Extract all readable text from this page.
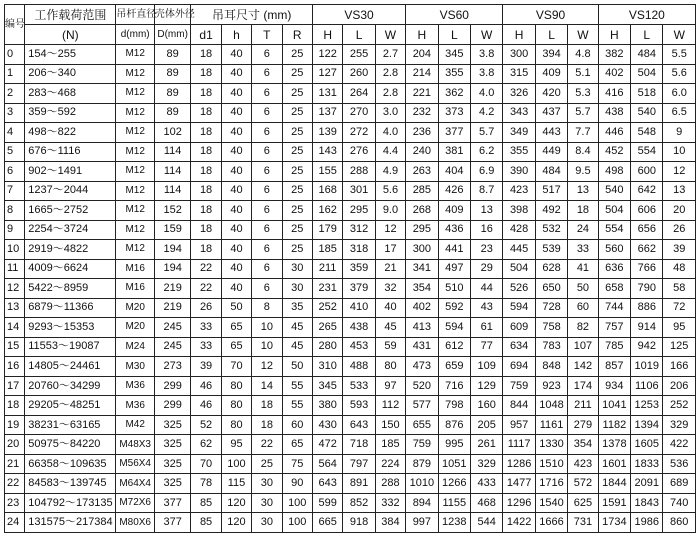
编号	工作载荷范围	吊杆直径	壳体外径	吊耳尺寸 (mm)				VS30			VS60			VS90			VS120		
	(N)	d(mm)	D(mm)	d1	h	T	R	H	L	W	H	L	W	H	L	W	H	L	W
0	154～255	M12	89	18	40	6	25	122	255	2.7	204	345	3.8	300	394	4.8	382	484	5.5
1	206～340	M12	89	18	40	6	25	127	260	2.8	214	355	3.8	315	409	5.1	402	504	5.6
2	283～468	M12	89	18	40	6	25	131	264	2.8	221	362	4.0	326	420	5.3	416	518	6.0
3	359～592	M12	89	18	40	6	25	137	270	3.0	232	373	4.2	343	437	5.7	438	540	6.5
4	498～822	M12	102	18	40	6	25	139	272	4.0	236	377	5.7	349	443	7.7	446	548	9
5	676～1116	M12	114	18	40	6	25	143	276	4.4	240	381	6.2	355	449	8.4	452	554	10
6	902～1491	M12	114	18	40	6	25	155	288	4.9	263	404	6.9	390	484	9.5	498	600	12
7	1237～2044	M12	114	18	40	6	25	168	301	5.6	285	426	8.7	423	517	13	540	642	13
8	1665～2752	M12	152	18	40	6	25	162	295	9.0	268	409	13	398	492	18	504	606	20
9	2254～3724	M12	159	18	40	6	25	179	312	12	295	436	16	428	532	24	554	656	26
10	2919～4822	M12	194	18	40	6	25	185	318	17	300	441	23	445	539	33	560	662	39
11	4009～6624	M16	194	22	40	6	30	211	359	21	341	497	29	504	628	41	636	766	48
12	5422～8959	M16	219	22	40	6	30	231	379	32	354	510	44	526	650	50	658	790	58
13	6879～11366	M20	219	26	50	8	35	252	410	40	402	592	43	594	728	60	744	886	72
14	9293～15353	M20	245	33	65	10	45	265	438	45	413	594	61	609	758	82	757	914	95
15	11553～19087	M24	245	33	65	10	45	280	453	59	431	612	77	634	783	107	785	942	125
16	14805～24461	M30	273	39	70	12	50	310	488	80	473	659	109	694	848	142	857	1019	166
17	20760～34299	M36	299	46	80	14	55	345	533	97	520	716	129	759	923	174	934	1106	206
18	29205～48251	M36	299	46	80	18	55	380	593	112	577	798	160	844	1048	211	1041	1253	252
19	38231～63165	M42	325	52	80	18	60	430	643	150	655	876	205	957	1161	279	1182	1394	329
20	50975～84220	M48X3	325	62	95	22	65	472	718	185	759	995	261	1117	1330	354	1378	1605	422
21	66358～109635	M56X4	325	70	100	25	75	564	797	224	879	1051	329	1286	1510	423	1601	1833	536
22	84583～139745	M64X4	325	78	115	30	90	643	891	288	1010	1266	433	1477	1716	572	1844	2091	689
23	104792～173135	M72X6	377	85	120	30	100	599	852	332	894	1155	468	1296	1540	625	1591	1843	740
24	131575～217384	M80X6	377	85	120	30	100	665	918	384	997	1238	544	1422	1666	731	1734	1986	860
